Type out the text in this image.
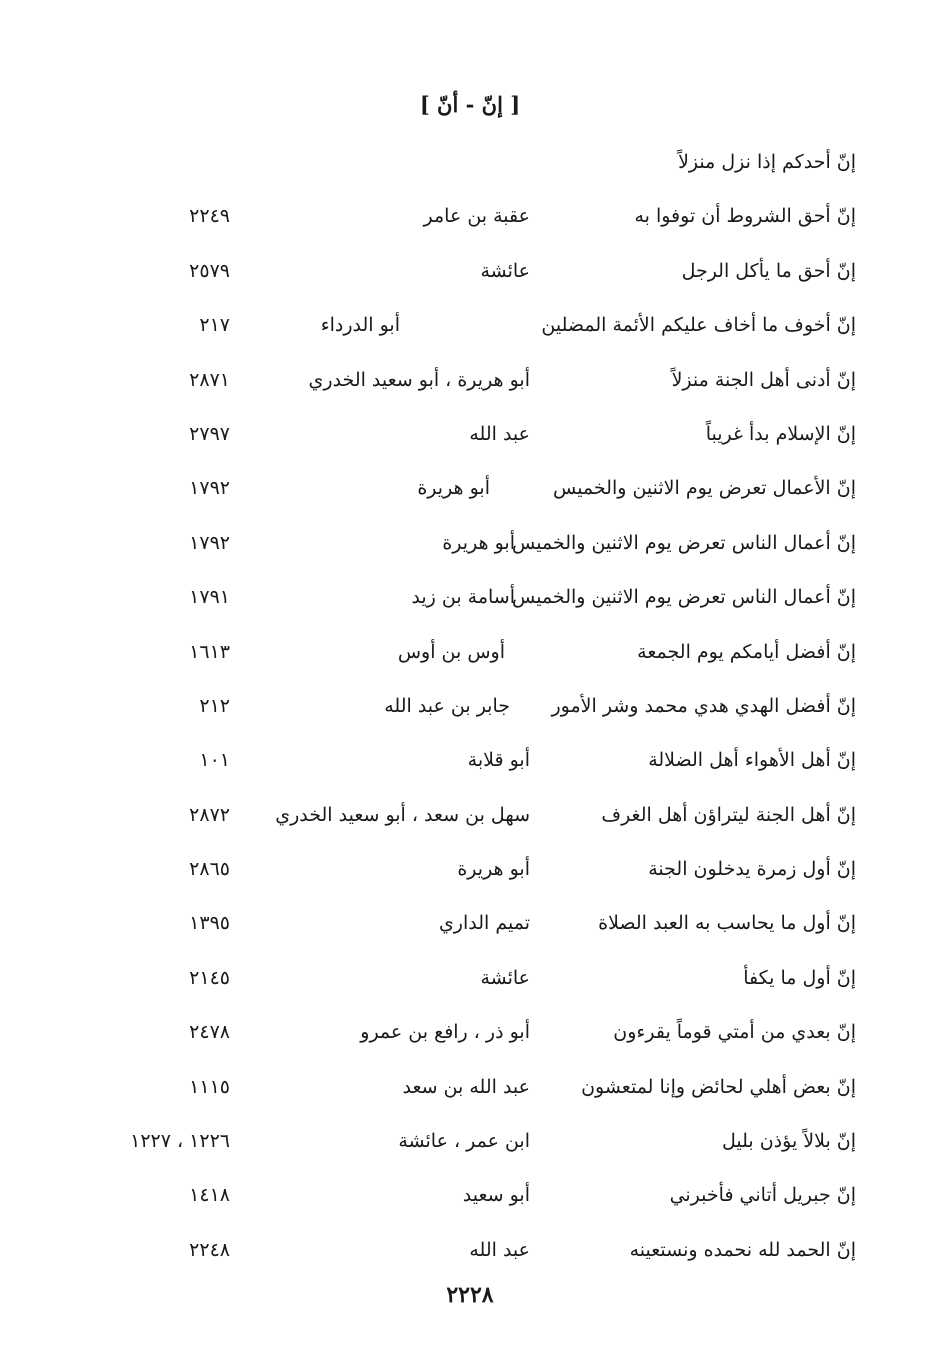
[ إنّ - أنّ ]
إنّ أحدكم إذا نزل منزلاً
إنّ أحق الشروط أن توفوا به
عقبة بن عامر
٢٢٤٩
إنّ أحق ما يأكل الرجل
عائشة
٢٥٧٩
إنّ أخوف ما أخاف عليكم الأئمة المضلين
أبو الدرداء
٢١٧
إنّ أدنى أهل الجنة منزلاً
أبو هريرة ، أبو سعيد الخدري
٢٨٧١
إنّ الإسلام بدأ غريباً
عبد الله
٢٧٩٧
إنّ الأعمال تعرض يوم الاثنين والخميس
أبو هريرة
١٧٩٢
إنّ أعمال الناس تعرض يوم الاثنين والخميس
أبو هريرة
١٧٩٢
إنّ أعمال الناس تعرض يوم الاثنين والخميس
أسامة بن زيد
١٧٩١
إنّ أفضل أيامكم يوم الجمعة
أوس بن أوس
١٦١٣
إنّ أفضل الهدي هدي محمد وشر الأمور
جابر بن عبد الله
٢١٢
إنّ أهل الأهواء أهل الضلالة
أبو قلابة
١٠١
إنّ أهل الجنة ليتراؤن أهل الغرف
سهل بن سعد ، أبو سعيد الخدري
٢٨٧٢
إنّ أول زمرة يدخلون الجنة
أبو هريرة
٢٨٦٥
إنّ أول ما يحاسب به العبد الصلاة
تميم الداري
١٣٩٥
إنّ أول ما يكفأ
عائشة
٢١٤٥
إنّ بعدي من أمتي قوماً يقرءون
أبو ذر ، رافع بن عمرو
٢٤٧٨
إنّ بعض أهلي لحائض وإنا لمتعشون
عبد الله بن سعد
١١١٥
إنّ بلالاً يؤذن بليل
ابن عمر ، عائشة
١٢٢٦ ، ١٢٢٧
إنّ جبريل أتاني فأخبرني
أبو سعيد
١٤١٨
إنّ الحمد لله نحمده ونستعينه
عبد الله
٢٢٤٨
٢٢٢٨
